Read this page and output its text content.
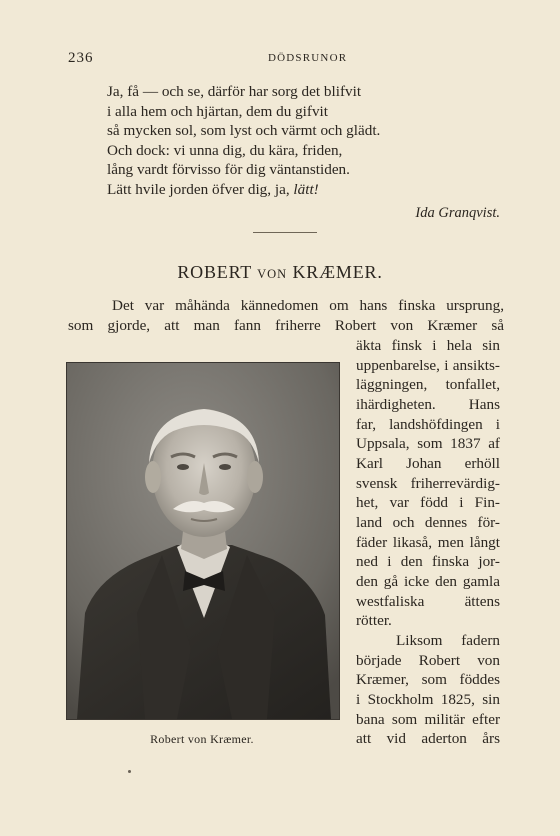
236	DÖDSRUNOR
Ja, få — och se, därför har sorg det blifvit
i alla hem och hjärtan, dem du gifvit
så mycken sol, som lyst och värmt och glädt.
Och dock: vi unna dig, du kära, friden,
lång vardt förvisso för dig väntanstiden.
Lätt hvile jorden öfver dig, ja, lätt!
Ida Granqvist.
ROBERT VON KRÆMER.
Det var måhända kännedomen om hans finska ursprung,
som gjorde, att man fann friherre Robert von Kræmer så
äkta finsk i hela sin
uppenbarelse, i ansikts-
läggningen, tonfallet,
ihärdigheten. Hans
far, landshöfdingen i
Uppsala, som 1837 af
Karl Johan erhöll
svensk friherrevärdig-
het, var född i Fin-
land och dennes för-
fäder likaså, men långt
ned i den finska jor-
den gå icke den gamla
westfaliska ättens
rötter.
Liksom fadern
började Robert von
Kræmer, som föddes
i Stockholm 1825, sin
bana som militär efter
att vid aderton års
Robert von Kræmer.
